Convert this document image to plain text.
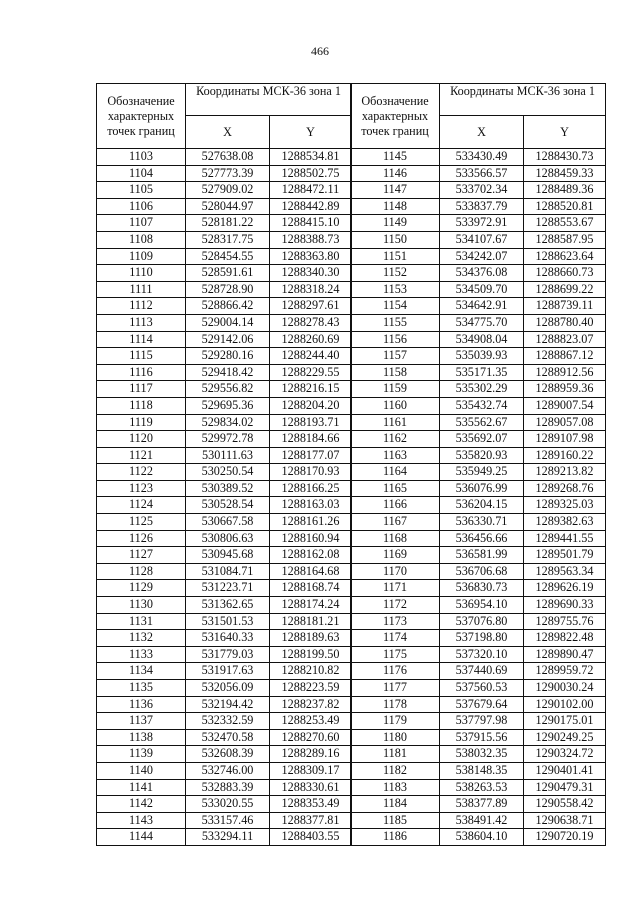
466
Обозначение характерных точек границ	Координаты МСК-36 зона 1	
	X	Y
1103	527638.08	1288534.81
1104	527773.39	1288502.75
1105	527909.02	1288472.11
1106	528044.97	1288442.89
1107	528181.22	1288415.10
1108	528317.75	1288388.73
1109	528454.55	1288363.80
1110	528591.61	1288340.30
1111	528728.90	1288318.24
1112	528866.42	1288297.61
1113	529004.14	1288278.43
1114	529142.06	1288260.69
1115	529280.16	1288244.40
1116	529418.42	1288229.55
1117	529556.82	1288216.15
1118	529695.36	1288204.20
1119	529834.02	1288193.71
1120	529972.78	1288184.66
1121	530111.63	1288177.07
1122	530250.54	1288170.93
1123	530389.52	1288166.25
1124	530528.54	1288163.03
1125	530667.58	1288161.26
1126	530806.63	1288160.94
1127	530945.68	1288162.08
1128	531084.71	1288164.68
1129	531223.71	1288168.74
1130	531362.65	1288174.24
1131	531501.53	1288181.21
1132	531640.33	1288189.63
1133	531779.03	1288199.50
1134	531917.63	1288210.82
1135	532056.09	1288223.59
1136	532194.42	1288237.82
1137	532332.59	1288253.49
1138	532470.58	1288270.60
1139	532608.39	1288289.16
1140	532746.00	1288309.17
1141	532883.39	1288330.61
1142	533020.55	1288353.49
1143	533157.46	1288377.81
1144	533294.11	1288403.55
Обозначение характерных точек границ	Координаты МСК-36 зона 1	
	X	Y
1145	533430.49	1288430.73
1146	533566.57	1288459.33
1147	533702.34	1288489.36
1148	533837.79	1288520.81
1149	533972.91	1288553.67
1150	534107.67	1288587.95
1151	534242.07	1288623.64
1152	534376.08	1288660.73
1153	534509.70	1288699.22
1154	534642.91	1288739.11
1155	534775.70	1288780.40
1156	534908.04	1288823.07
1157	535039.93	1288867.12
1158	535171.35	1288912.56
1159	535302.29	1288959.36
1160	535432.74	1289007.54
1161	535562.67	1289057.08
1162	535692.07	1289107.98
1163	535820.93	1289160.22
1164	535949.25	1289213.82
1165	536076.99	1289268.76
1166	536204.15	1289325.03
1167	536330.71	1289382.63
1168	536456.66	1289441.55
1169	536581.99	1289501.79
1170	536706.68	1289563.34
1171	536830.73	1289626.19
1172	536954.10	1289690.33
1173	537076.80	1289755.76
1174	537198.80	1289822.48
1175	537320.10	1289890.47
1176	537440.69	1289959.72
1177	537560.53	1290030.24
1178	537679.64	1290102.00
1179	537797.98	1290175.01
1180	537915.56	1290249.25
1181	538032.35	1290324.72
1182	538148.35	1290401.41
1183	538263.53	1290479.31
1184	538377.89	1290558.42
1185	538491.42	1290638.71
1186	538604.10	1290720.19
